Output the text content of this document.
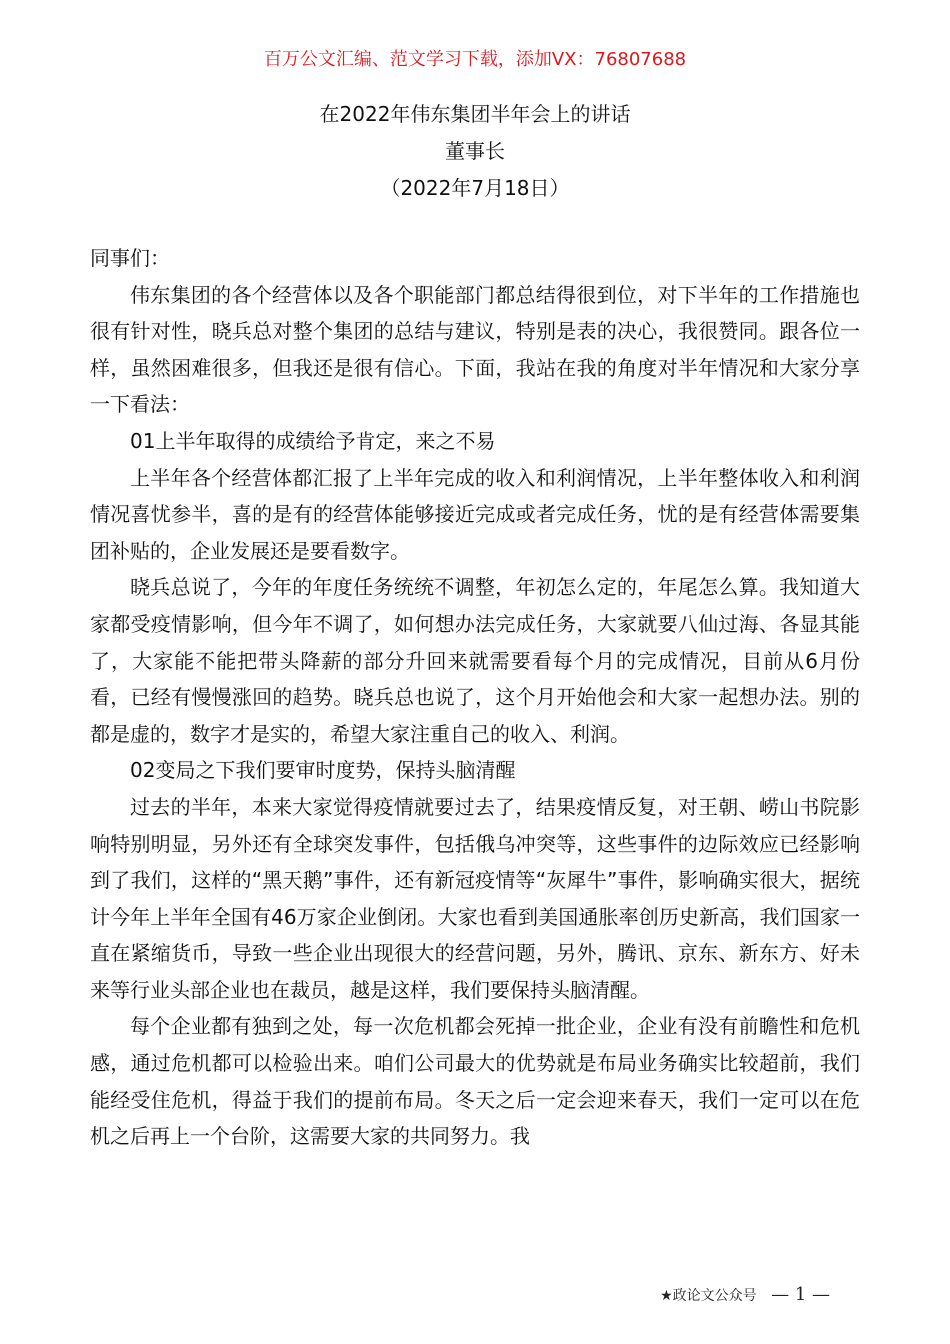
百万公文汇编、范文学习下载，添加VX：76807688
在2022年伟东集团半年会上的讲话
董事长
（2022年7月18日）

同事们：

伟东集团的各个经营体以及各个职能部门都总结得很到位，对下半年的工作措施也很有针对性，晓兵总对整个集团的总结与建议，特别是表的决心，我很赞同。跟各位一样，虽然困难很多，但我还是很有信心。下面，我站在我的角度对半年情况和大家分享一下看法：

01上半年取得的成绩给予肯定，来之不易

上半年各个经营体都汇报了上半年完成的收入和利润情况，上半年整体收入和利润情况喜忧参半，喜的是有的经营体能够接近完成或者完成任务，忧的是有经营体需要集团补贴的，企业发展还是要看数字。

晓兵总说了，今年的年度任务统统不调整，年初怎么定的，年尾怎么算。我知道大家都受疫情影响，但今年不调了，如何想办法完成任务，大家就要八仙过海、各显其能了，大家能不能把带头降薪的部分升回来就需要看每个月的完成情况，目前从6月份看，已经有慢慢涨回的趋势。晓兵总也说了，这个月开始他会和大家一起想办法。别的都是虚的，数字才是实的，希望大家注重自己的收入、利润。

02变局之下我们要审时度势，保持头脑清醒

过去的半年，本来大家觉得疫情就要过去了，结果疫情反复，对王朝、崂山书院影响特别明显，另外还有全球突发事件，包括俄乌冲突等，这些事件的边际效应已经影响到了我们，这样的“黑天鹅”事件，还有新冠疫情等“灰犀牛”事件，影响确实很大，据统计今年上半年全国有46万家企业倒闭。大家也看到美国通胀率创历史新高，我们国家一直在紧缩货币，导致一些企业出现很大的经营问题，另外，腾讯、京东、新东方、好未来等行业头部企业也在裁员，越是这样，我们要保持头脑清醒。

每个企业都有独到之处，每一次危机都会死掉一批企业，企业有没有前瞻性和危机感，通过危机都可以检验出来。咱们公司最大的优势就是布局业务确实比较超前，我们能经受住危机，得益于我们的提前布局。冬天之后一定会迎来春天，我们一定可以在危机之后再上一个台阶，这需要大家的共同努力。我

★政论文公众号 — 1 —
